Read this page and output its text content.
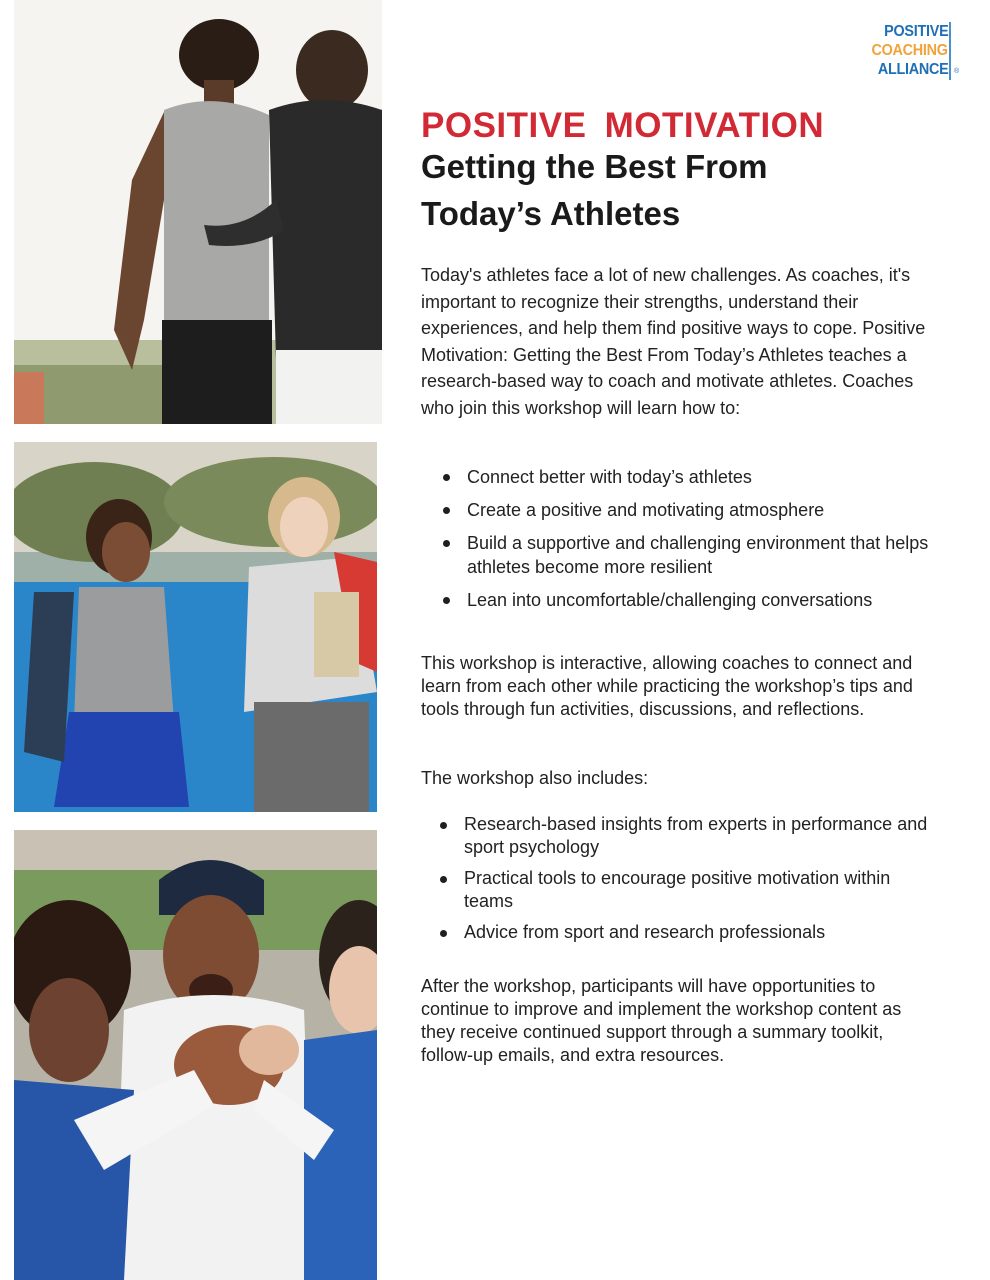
POSITIVE
COACHING
ALLIANCE ®
POSITIVE MOTIVATION
Getting the Best From Today’s Athletes
Today's athletes face a lot of new challenges. As coaches, it's important to recognize their strengths, understand their experiences, and help them find positive ways to cope. Positive Motivation: Getting the Best From Today’s Athletes teaches a research-based way to coach and motivate athletes. Coaches who join this workshop will learn how to:
Connect better with today’s athletes
Create a positive and motivating atmosphere
Build a supportive and challenging environment that helps athletes become more resilient
Lean into uncomfortable/challenging conversations
This workshop is interactive, allowing coaches to connect and learn from each other while practicing the workshop’s tips and tools through fun activities, discussions, and reflections.
The workshop also includes:
Research-based insights from experts in performance and sport psychology
Practical tools to encourage positive motivation within teams
Advice from sport and research professionals
After the workshop, participants will have opportunities to continue to improve and implement the workshop content as they receive continued support through a summary toolkit, follow-up emails, and extra resources.
